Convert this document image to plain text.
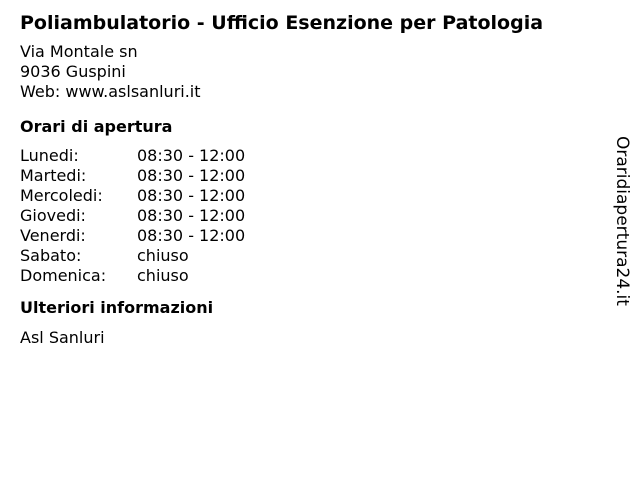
Poliambulatorio - Ufficio Esenzione per Patologia
Via Montale sn
9036 Guspini
Web: www.aslsanluri.it
Orari di apertura
Lunedi:	08:30 - 12:00
Martedi:	08:30 - 12:00
Mercoledi:	08:30 - 12:00
Giovedi:	08:30 - 12:00
Venerdi:	08:30 - 12:00
Sabato:	chiuso
Domenica:	chiuso
Ulteriori informazioni
Asl Sanluri
Oraridiapertura24.it
